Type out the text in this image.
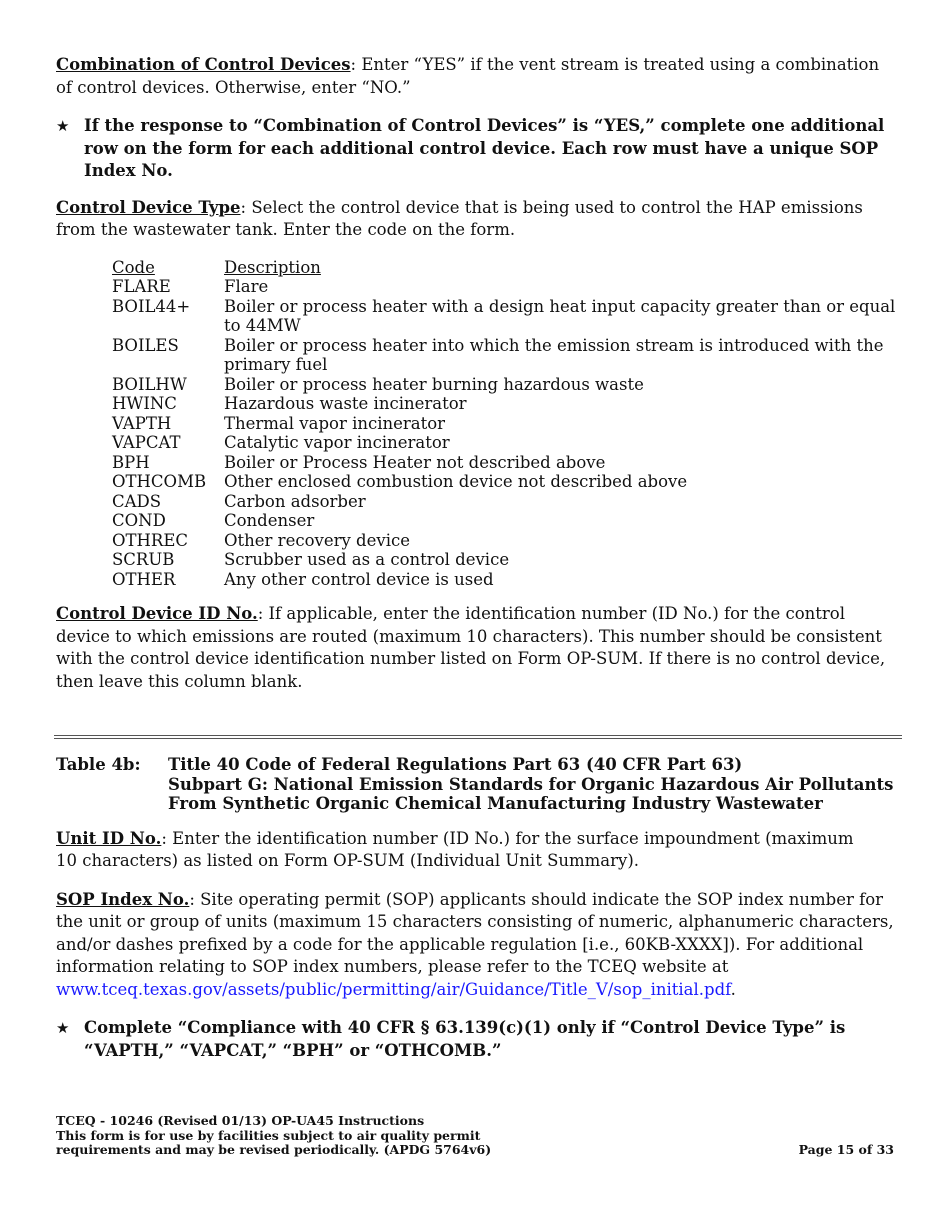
Combination of Control Devices: Enter “YES” if the vent stream is treated using a combination of control devices. Otherwise, enter “NO.”

★ If the response to “Combination of Control Devices” is “YES,” complete one additional row on the form for each additional control device. Each row must have a unique SOP Index No.

Control Device Type: Select the control device that is being used to control the HAP emissions from the wastewater tank. Enter the code on the form.

Code	Description
FLARE	Flare
BOIL44+	Boiler or process heater with a design heat input capacity greater than or equal to 44MW
BOILES	Boiler or process heater into which the emission stream is introduced with the primary fuel
BOILHW	Boiler or process heater burning hazardous waste
HWINC	Hazardous waste incinerator
VAPTH	Thermal vapor incinerator
VAPCAT	Catalytic vapor incinerator
BPH	Boiler or Process Heater not described above
OTHCOMB	Other enclosed combustion device not described above
CADS	Carbon adsorber
COND	Condenser
OTHREC	Other recovery device
SCRUB	Scrubber used as a control device
OTHER	Any other control device is used

Control Device ID No.: If applicable, enter the identification number (ID No.) for the control device to which emissions are routed (maximum 10 characters). This number should be consistent with the control device identification number listed on Form OP-SUM. If there is no control device, then leave this column blank.

Table 4b:	Title 40 Code of Federal Regulations Part 63 (40 CFR Part 63)
Subpart G: National Emission Standards for Organic Hazardous Air Pollutants
From Synthetic Organic Chemical Manufacturing Industry Wastewater

Unit ID No.: Enter the identification number (ID No.) for the surface impoundment (maximum
10 characters) as listed on Form OP-SUM (Individual Unit Summary).

SOP Index No.: Site operating permit (SOP) applicants should indicate the SOP index number for the unit or group of units (maximum 15 characters consisting of numeric, alphanumeric characters, and/or dashes prefixed by a code for the applicable regulation [i.e., 60KB-XXXX]). For additional information relating to SOP index numbers, please refer to the TCEQ website at
www.tceq.texas.gov/assets/public/permitting/air/Guidance/Title_V/sop_initial.pdf.

★ Complete “Compliance with 40 CFR § 63.139(c)(1) only if “Control Device Type” is “VAPTH,” “VAPCAT,” “BPH” or “OTHCOMB.”
TCEQ - 10246 (Revised 01/13) OP-UA45 Instructions
This form is for use by facilities subject to air quality permit
requirements and may be revised periodically. (APDG 5764v6)	Page 15 of 33
